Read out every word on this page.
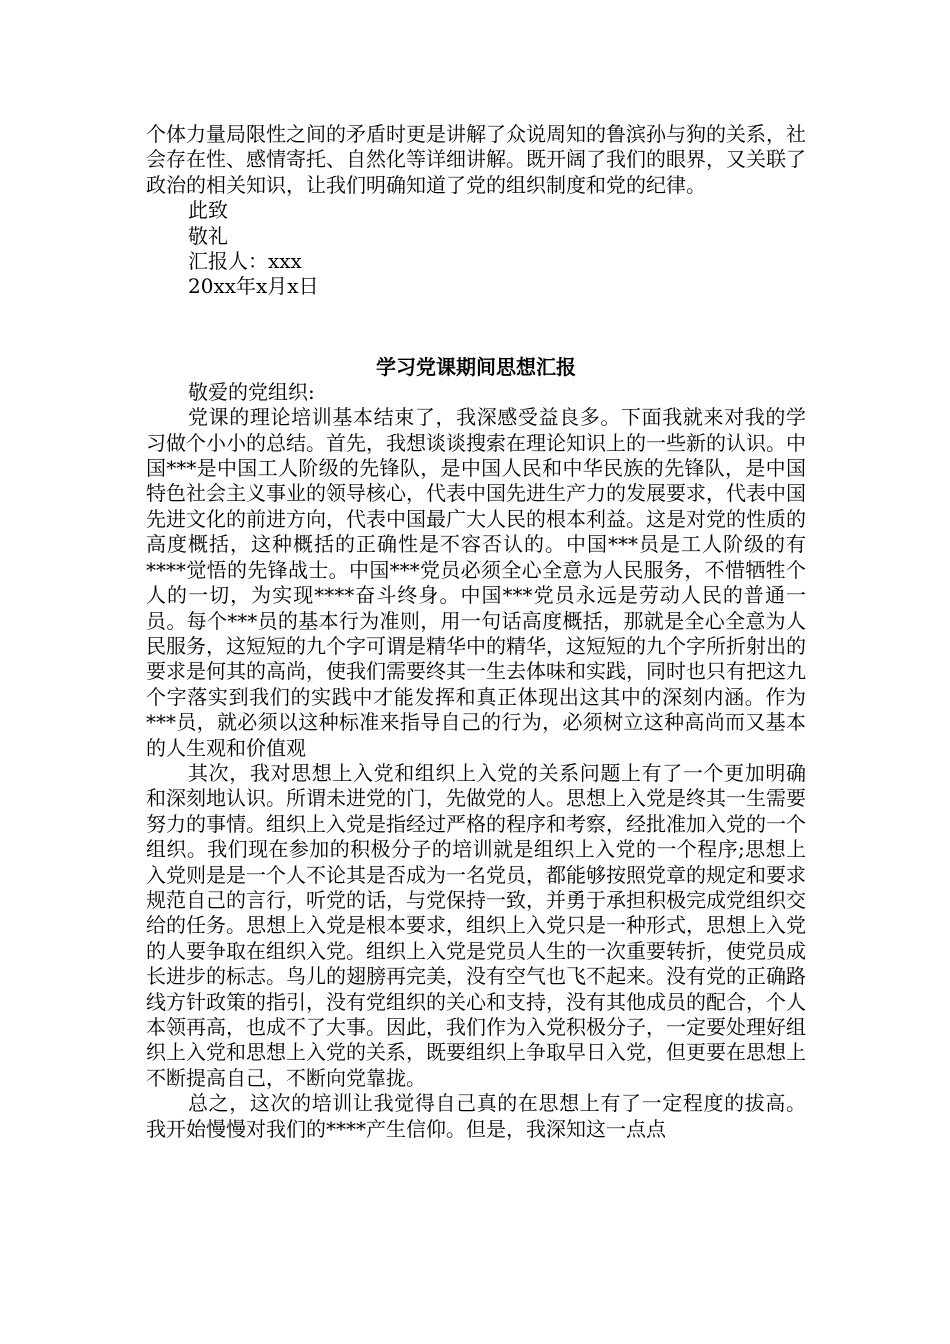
个体力量局限性之间的矛盾时更是讲解了众说周知的鲁滨孙与狗的关系，社会存在性、感情寄托、自然化等详细讲解。既开阔了我们的眼界，又关联了政治的相关知识，让我们明确知道了党的组织制度和党的纪律。

此致

敬礼

汇报人：xxx

20xx年x月x日

学习党课期间思想汇报

敬爱的党组织:

党课的理论培训基本结束了，我深感受益良多。下面我就来对我的学习做个小小的总结。首先，我想谈谈搜索在理论知识上的一些新的认识。中国***是中国工人阶级的先锋队，是中国人民和中华民族的先锋队，是中国特色社会主义事业的领导核心，代表中国先进生产力的发展要求，代表中国先进文化的前进方向，代表中国最广大人民的根本利益。这是对党的性质的高度概括，这种概括的正确性是不容否认的。中国***员是工人阶级的有****觉悟的先锋战士。中国***党员必须全心全意为人民服务，不惜牺牲个人的一切，为实现****奋斗终身。中国***党员永远是劳动人民的普通一员。每个***员的基本行为准则，用一句话高度概括，那就是全心全意为人民服务，这短短的九个字可谓是精华中的精华，这短短的九个字所折射出的要求是何其的高尚，使我们需要终其一生去体味和实践，同时也只有把这九个字落实到我们的实践中才能发挥和真正体现出这其中的深刻内涵。作为***员，就必须以这种标准来指导自己的行为，必须树立这种高尚而又基本的人生观和价值观

其次，我对思想上入党和组织上入党的关系问题上有了一个更加明确和深刻地认识。所谓未进党的门，先做党的人。思想上入党是终其一生需要努力的事情。组织上入党是指经过严格的程序和考察，经批准加入党的一个组织。我们现在参加的积极分子的培训就是组织上入党的一个程序;思想上入党则是是一个人不论其是否成为一名党员，都能够按照党章的规定和要求规范自己的言行，听党的话，与党保持一致，并勇于承担积极完成党组织交给的任务。思想上入党是根本要求，组织上入党只是一种形式，思想上入党的人要争取在组织入党。组织上入党是党员人生的一次重要转折，使党员成长进步的标志。鸟儿的翅膀再完美，没有空气也飞不起来。没有党的正确路线方针政策的指引，没有党组织的关心和支持，没有其他成员的配合，个人本领再高，也成不了大事。因此，我们作为入党积极分子，一定要处理好组织上入党和思想上入党的关系，既要组织上争取早日入党，但更要在思想上不断提高自己，不断向党靠拢。

总之，这次的培训让我觉得自己真的在思想上有了一定程度的拔高。我开始慢慢对我们的****产生信仰。但是，我深知这一点点
